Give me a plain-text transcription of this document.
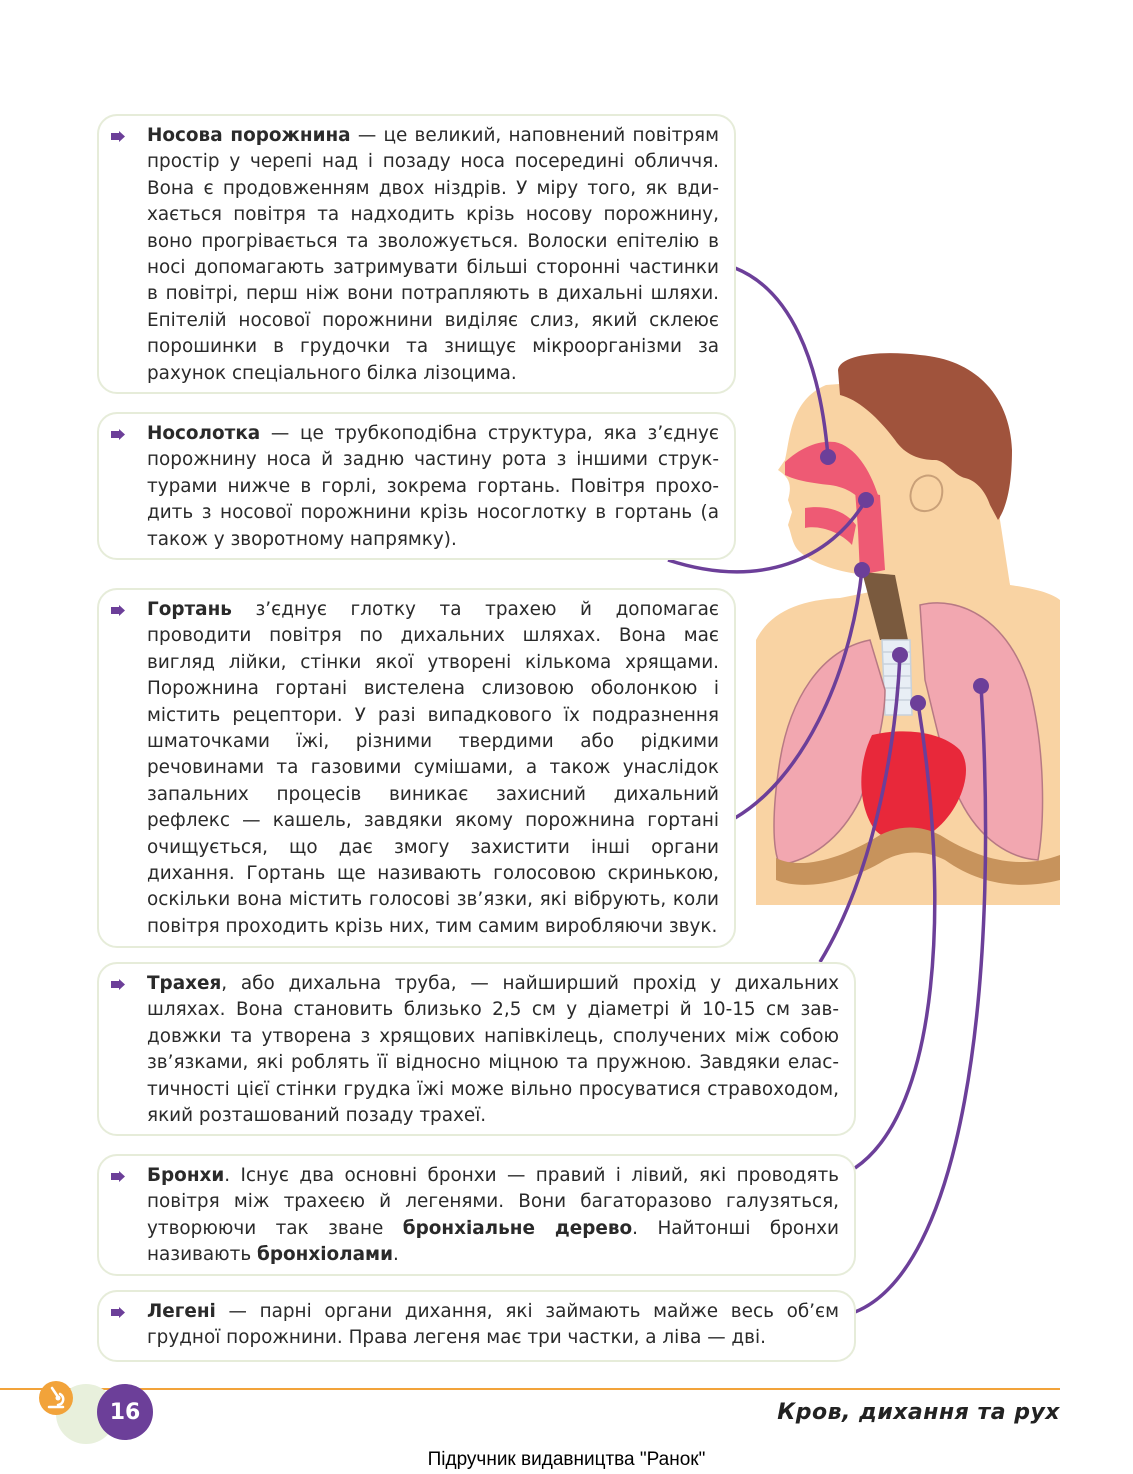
Носова порожнина — це великий, наповнений повітрям простір у черепі над і позаду носа посередині обличчя. Вона є продовженням двох ніздрів. У міру того, як вдихається повітря та надходить крізь носову порожнину, воно прогрівається та зволожується. Волоски епітелію в носі допомагають затримувати більші сторонні частинки в повітрі, перш ніж вони потрапляють в дихальні шляхи. Епітелій носової порожнини виділяє слиз, який склеює порошинки в грудочки та знищує мікроорганізми за рахунок спеціального білка лізоцима.

Носолотка — це трубкоподібна структура, яка з’єднує порожнину носа й задню частину рота з іншими структурами нижче в горлі, зокрема гортань. Повітря проходить з носової порожнини крізь носоглотку в гортань (а також у зворотному напрямку).

Гортань з’єднує глотку та трахею й допомагає проводити повітря по дихальних шляхах. Вона має вигляд лійки, стінки якої утворені кількома хрящами. Порожнина гортані вистелена слизовою оболонкою і містить рецептори. У разі випадкового їх подразнення шматочками їжі, різними твердими або рідкими речовинами та газовими сумішами, а також унаслідок запальних процесів виникає захисний дихальний рефлекс — кашель, завдяки якому порожнина гортані очищується, що дає змогу захистити інші органи дихання. Гортань ще називають голосовою скринькою, оскільки вона містить голосові зв’язки, які вібрують, коли повітря проходить крізь них, тим самим виробляючи звук.

Трахея, або дихальна труба, — найширший прохід у дихальних шляхах. Вона становить близько 2,5 см у діаметрі й 10-15 см завдовжки та утворена з хрящових напівкілець, сполучених між собою зв’язками, які роблять її відносно міцною та пружною. Завдяки еластичності цієї стінки грудка їжі може вільно просуватися стравоходом, який розташований позаду трахеї.

Бронхи. Існує два основні бронхи — правий і лівий, які проводять повітря між трахеєю й легенями. Вони багаторазово галузяться, утворюючи так зване бронхіальне дерево. Найтонші бронхи називають бронхіолами.

Легені — парні органи дихання, які займають майже весь об’єм грудної порожнини. Права легеня має три частки, а ліва — дві.

16	Кров, дихання та рух
Підручник видавництва "Ранок"
